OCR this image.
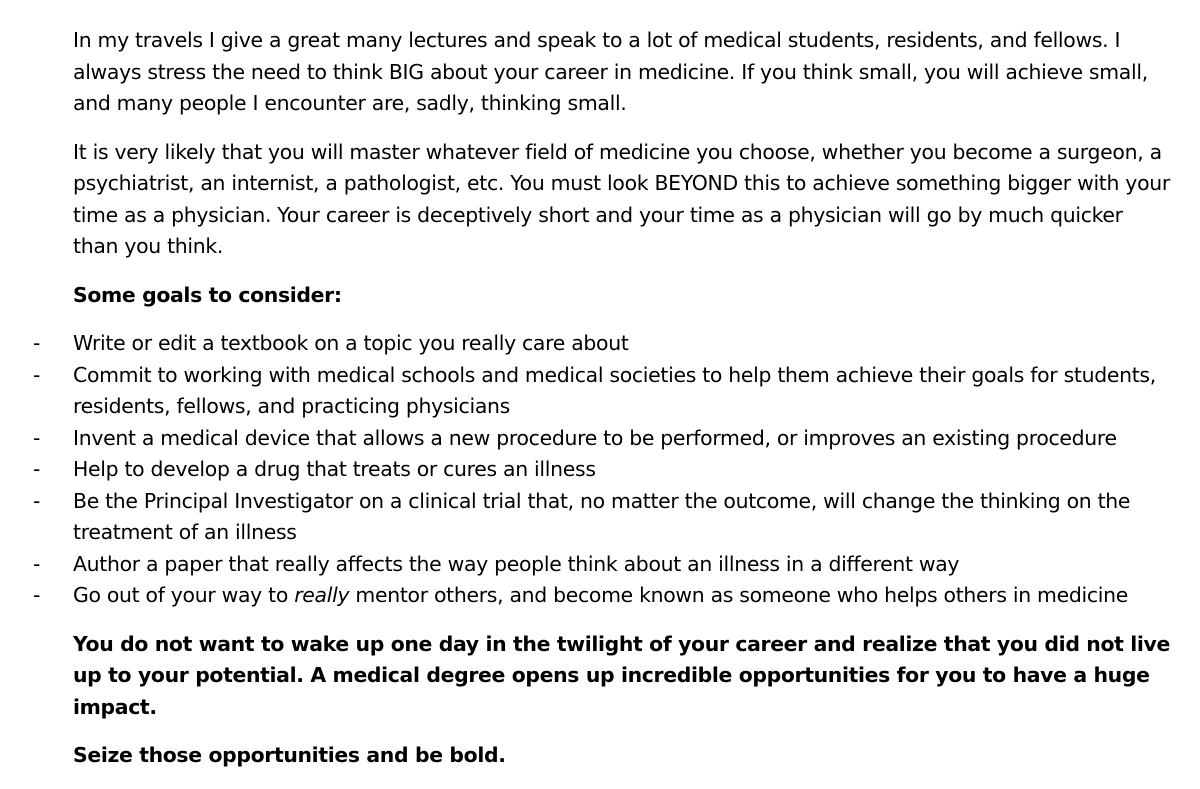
In my travels I give a great many lectures and speak to a lot of medical students, residents, and fellows. I always stress the need to think BIG about your career in medicine. If you think small, you will achieve small, and many people I encounter are, sadly, thinking small.

It is very likely that you will master whatever field of medicine you choose, whether you become a surgeon, a psychiatrist, an internist, a pathologist, etc. You must look BEYOND this to achieve something bigger with your time as a physician. Your career is deceptively short and your time as a physician will go by much quicker than you think.

Some goals to consider:

- Write or edit a textbook on a topic you really care about
- Commit to working with medical schools and medical societies to help them achieve their goals for students, residents, fellows, and practicing physicians
- Invent a medical device that allows a new procedure to be performed, or improves an existing procedure
- Help to develop a drug that treats or cures an illness
- Be the Principal Investigator on a clinical trial that, no matter the outcome, will change the thinking on the treatment of an illness
- Author a paper that really affects the way people think about an illness in a different way
- Go out of your way to really mentor others, and become known as someone who helps others in medicine

You do not want to wake up one day in the twilight of your career and realize that you did not live up to your potential. A medical degree opens up incredible opportunities for you to have a huge impact.

Seize those opportunities and be bold.
